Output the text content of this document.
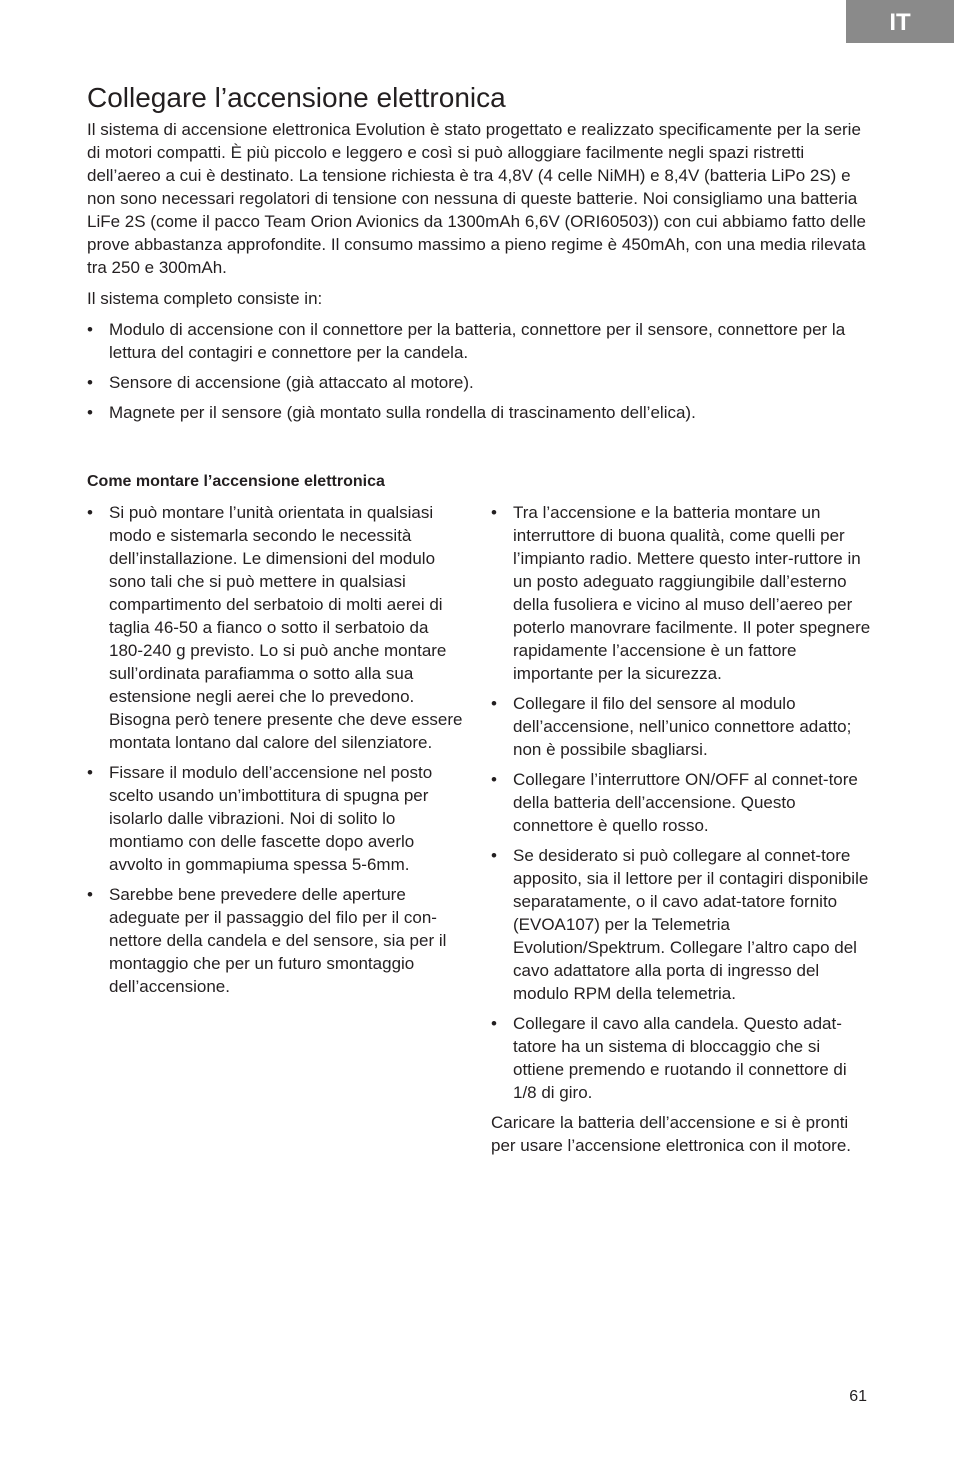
IT
Collegare l’accensione elettronica

Il sistema di accensione elettronica Evolution è stato progettato e realizzato specificamente per la serie di motori compatti. È più piccolo e leggero e così si può alloggiare facilmente negli spazi ristretti dell’aereo a cui è destinato. La tensione richiesta è tra 4,8V (4 celle NiMH) e 8,4V (batteria LiPo 2S) e non sono necessari regolatori di tensione con nessuna di queste batterie. Noi consigliamo una batteria LiFe 2S (come il pacco Team Orion Avionics da 1300mAh 6,6V (ORI60503)) con cui abbiamo fatto delle prove abbastanza approfondite. Il consumo massimo a pieno regime è 450mAh, con una media rilevata tra 250 e 300mAh.

Il sistema completo consiste in:

• Modulo di accensione con il connettore per la batteria, connettore per il sensore, connettore per la lettura del contagiri e connettore per la candela.
• Sensore di accensione (già attaccato al motore).
• Magnete per il sensore (già montato sulla rondella di trascinamento dell’elica).
Come montare l’accensione elettronica
• Si può montare l’unità orientata in qualsiasi modo e sistemarla secondo le necessità dell’installazione. Le dimensioni del modulo sono tali che si può mettere in qualsiasi compartimento del serbatoio di molti aerei di taglia 46-50 a fianco o sotto il serbatoio da 180-240 g previsto. Lo si può anche montare sull’ordinata parafiamma o sotto alla sua estensione negli aerei che lo prevedono. Bisogna però tenere presente che deve essere montata lontano dal calore del silenziatore.
• Fissare il modulo dell’accensione nel posto scelto usando un’imbottitura di spugna per isolarlo dalle vibrazioni. Noi di solito lo montiamo con delle fascette dopo averlo avvolto in gommapiuma spessa 5-6mm.
• Sarebbe bene prevedere delle aperture adeguate per il passaggio del filo per il con-nettore della candela e del sensore, sia per il montaggio che per un futuro smontaggio dell’accensione.
• Tra l’accensione e la batteria montare un interruttore di buona qualità, come quelli per l’impianto radio. Mettere questo inter-ruttore in un posto adeguato raggiungibile dall’esterno della fusoliera e vicino al muso dell’aereo per poterlo manovrare facilmente. Il poter spegnere rapidamente l’accensione è un fattore importante per la sicurezza.
• Collegare il filo del sensore al modulo dell’accensione, nell’unico connettore adatto; non è possibile sbagliarsi.
• Collegare l’interruttore ON/OFF al connet-tore della batteria dell’accensione. Questo connettore è quello rosso.
• Se desiderato si può collegare al connet-tore apposito, sia il lettore per il contagiri disponibile separatamente, o il cavo adat-tatore fornito (EVOA107) per la Telemetria Evolution/Spektrum. Collegare l’altro capo del cavo adattatore alla porta di ingresso del modulo RPM della telemetria.
• Collegare il cavo alla candela. Questo adat-tatore ha un sistema di bloccaggio che si ottiene premendo e ruotando il connettore di 1/8 di giro.

Caricare la batteria dell’accensione e si è pronti per usare l’accensione elettronica con il motore.

61
